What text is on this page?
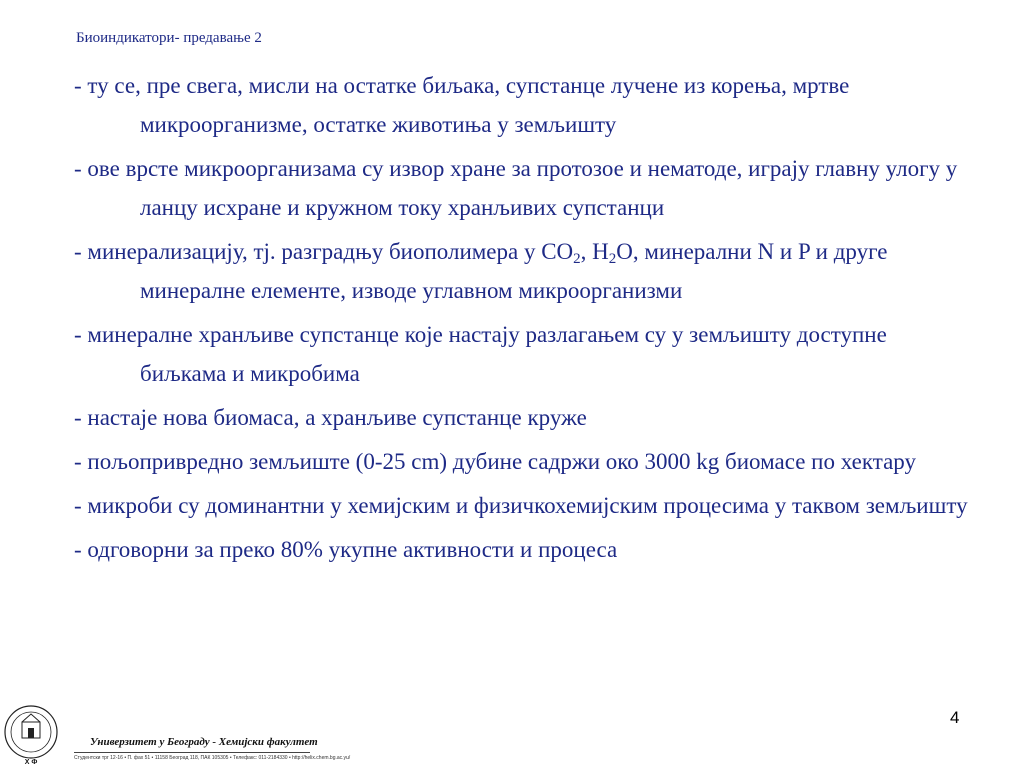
Биоиндикатори- предавање 2
- ту се, пре свега, мисли на остатке биљака, супстанце лучене из корења, мртве микроорганизме, остатке животиња у земљишту
- ове врсте микроорганизама су извор хране за протозое и нематоде, играју главну улогу у ланцу исхране и кружном току хранљивих супстанци
- минерализацију, тј. разградњу биополимера у $CO_2$, $H_2O$, минерални N и P и друге минералне елементе, изводе углавном микроорганизми
- минералне хранљиве супстанце које настају разлагањем су у земљишту доступне биљкама и микробима
- настаје нова биомаса, а хранљиве супстанце круже
- пољопривредно земљиште (0-25 cm) дубине садржи око 3000 kg биомасе по хектару
- микроби су доминантни у хемијским и физичкохемијским процесима у таквом земљишту
- одговорни за преко 80% укупне активности и процеса
4
Х Ф
Универзитет у Београду - Хемијски факултет
Студентски трг 12-16 • П. фах 51 • 11158 Београд 118, ПАК 105305 • Телефакс: 011-2184330 • http://helix.chem.bg.ac.yu/
